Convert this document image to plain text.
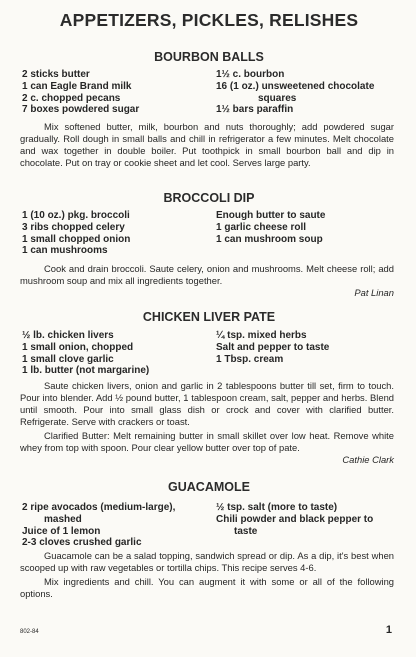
APPETIZERS, PICKLES, RELISHES
BOURBON BALLS
2 sticks butter
1 can Eagle Brand milk
2 c. chopped pecans
7 boxes powdered sugar
1½ c. bourbon
16 (1 oz.) unsweetened chocolate
squares
1½ bars paraffin

Mix softened butter, milk, bourbon and nuts thoroughly; add powdered sugar gradually. Roll dough in small balls and chill in refrigerator a few minutes. Melt chocolate and wax together in double boiler. Put toothpick in small bourbon ball and dip in chocolate. Put on tray or cookie sheet and let cool. Serves large party.

BROCCOLI DIP
1 (10 oz.) pkg. broccoli
3 ribs chopped celery
1 small chopped onion
1 can mushrooms
Enough butter to saute
1 garlic cheese roll
1 can mushroom soup

Cook and drain broccoli. Saute celery, onion and mushrooms. Melt cheese roll; add mushroom soup and mix all ingredients together.

Pat Linan
CHICKEN LIVER PATE
½ lb. chicken livers
1 small onion, chopped
1 small clove garlic
1 lb. butter (not margarine)
¼ tsp. mixed herbs
Salt and pepper to taste
1 Tbsp. cream

Saute chicken livers, onion and garlic in 2 tablespoons butter till set, firm to touch. Pour into blender. Add ½ pound butter, 1 tablespoon cream, salt, pepper and herbs. Blend until smooth. Pour into small glass dish or crock and cover with clarified butter. Refrigerate. Serve with crackers or toast.

Clarified Butter: Melt remaining butter in small skillet over low heat. Remove white whey from top with spoon. Pour clear yellow butter over top of pate.

Cathie Clark
GUACAMOLE
2 ripe avocados (medium-large),
mashed
Juice of 1 lemon
2-3 cloves crushed garlic
½ tsp. salt (more to taste)
Chili powder and black pepper to
taste

Guacamole can be a salad topping, sandwich spread or dip. As a dip, it's best when scooped up with raw vegetables or tortilla chips. This recipe serves 4-6.

Mix ingredients and chill. You can augment it with some or all of the following options.

802-84	1
